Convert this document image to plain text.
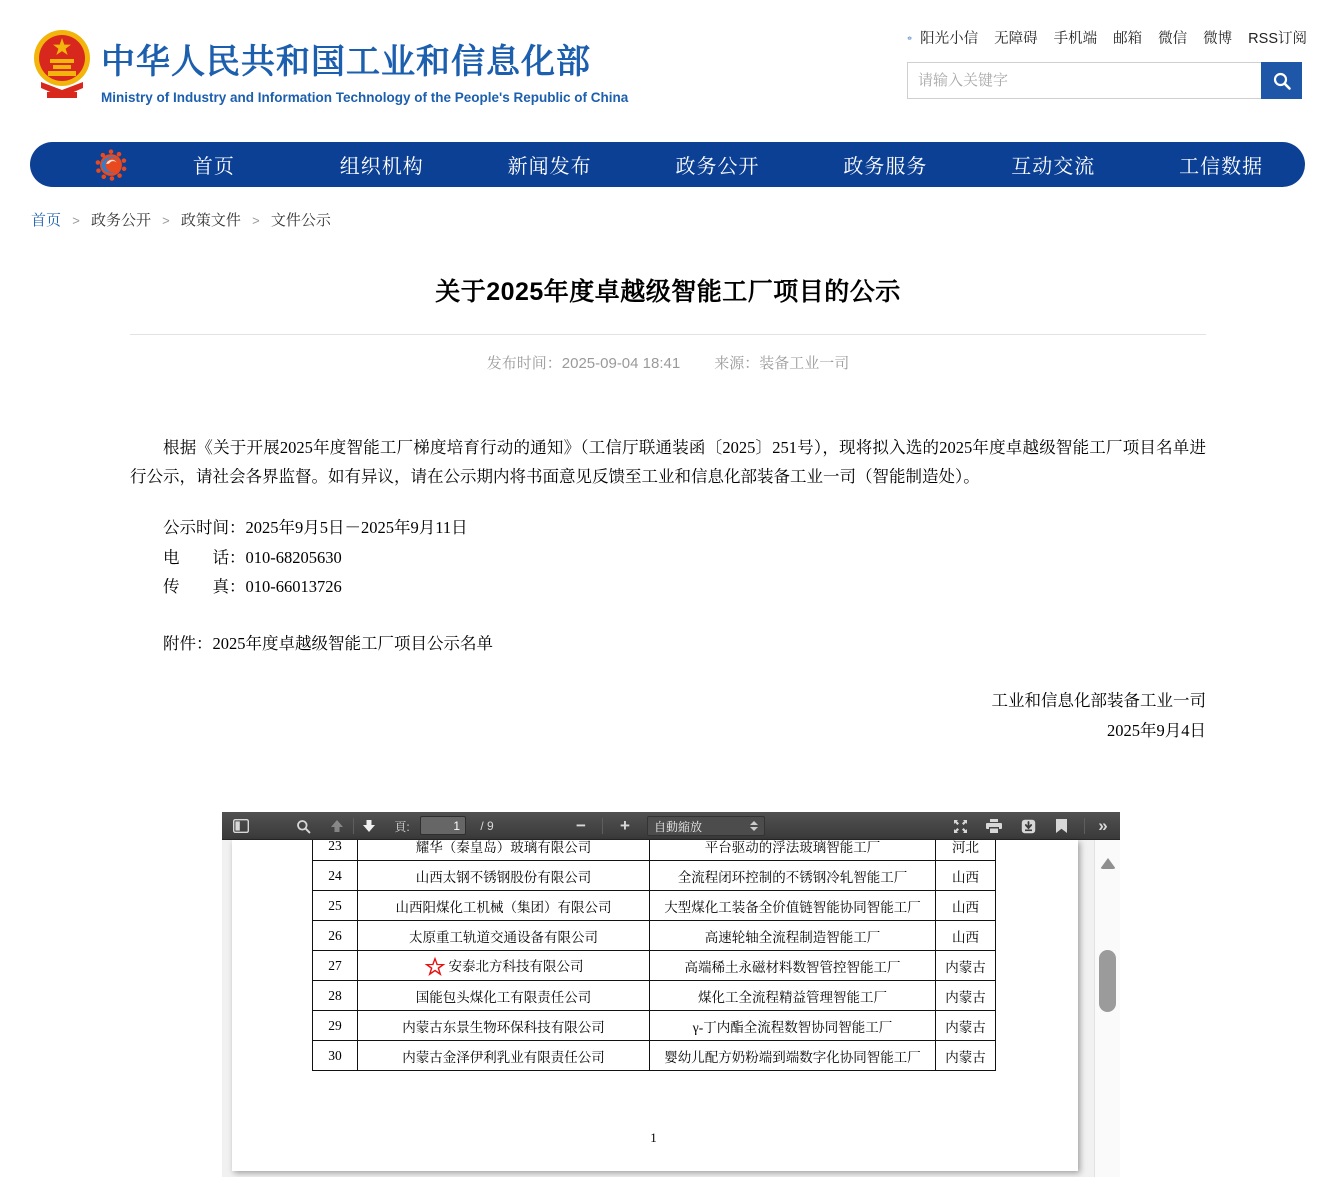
中华人民共和国工业和信息化部
Ministry of Industry and Information Technology of the People's Republic of China
阳光小信 无障碍 手机端 邮箱 微信 微博 RSS订阅
请输入关键字
首页	组织机构	新闻发布	政务公开	政务服务	互动交流	工信数据
首页 > 政务公开 > 政策文件 > 文件公示
关于2025年度卓越级智能工厂项目的公示
发布时间：2025-09-04 18:41 来源：装备工业一司

根据《关于开展2025年度智能工厂梯度培育行动的通知》（工信厅联通装函〔2025〕251号），现将拟入选的2025年度卓越级智能工厂项目名单进行公示，请社会各界监督。如有异议，请在公示期内将书面意见反馈至工业和信息化部装备工业一司（智能制造处）。

公示时间：2025年9月5日－2025年9月11日
电　　话：010-68205630
传　　真：010-66013726
附件：2025年度卓越级智能工厂项目公示名单
工业和信息化部装备工业一司
2025年9月4日
頁:
1	/ 9	−	+	自動縮放	»
23	耀华（秦皇岛）玻璃有限公司	平台驱动的浮法玻璃智能工厂	河北
24	山西太钢不锈钢股份有限公司	全流程闭环控制的不锈钢冷轧智能工厂	山西
25	山西阳煤化工机械（集团）有限公司	大型煤化工装备全价值链智能协同智能工厂	山西
26	太原重工轨道交通设备有限公司	高速轮轴全流程制造智能工厂	山西
27	安泰北方科技有限公司	高端稀土永磁材料数智管控智能工厂	内蒙古
28	国能包头煤化工有限责任公司	煤化工全流程精益管理智能工厂	内蒙古
29	内蒙古东景生物环保科技有限公司	γ-丁内酯全流程数智协同智能工厂	内蒙古
30	内蒙古金泽伊利乳业有限责任公司	婴幼儿配方奶粉端到端数字化协同智能工厂	内蒙古
1
